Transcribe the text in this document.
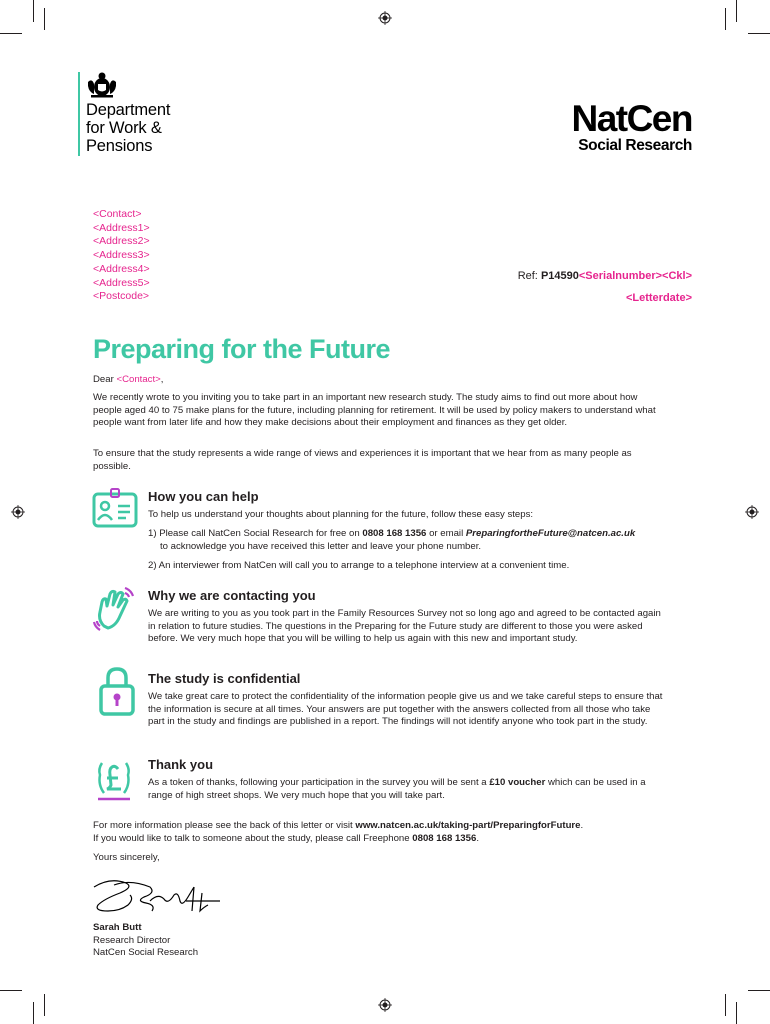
Department
for Work &
Pensions
NatCen
Social Research
<Contact>
<Address1>
<Address2>
<Address3>
<Address4>
<Address5>
<Postcode>
Ref: P14590<Serialnumber><Ckl>
<Letterdate>
Preparing for the Future
Dear <Contact>,
We recently wrote to you inviting you to take part in an important new research study. The study aims to find out more about how people aged 40 to 75 make plans for the future, including planning for retirement. It will be used by policy makers to understand what people want from later life and how they make decisions about their employment and finances as they get older.
To ensure that the study represents a wide range of views and experiences it is important that we hear from as many people as possible.
How you can help
To help us understand your thoughts about planning for the future, follow these easy steps:
1) Please call NatCen Social Research for free on 0808 168 1356 or email PreparingfortheFuture@natcen.ac.uk
to acknowledge you have received this letter and leave your phone number.
2) An interviewer from NatCen will call you to arrange to a telephone interview at a convenient time.
Why we are contacting you
We are writing to you as you took part in the Family Resources Survey not so long ago and agreed to be contacted again in relation to future studies. The questions in the Preparing for the Future study are different to those you were asked before. We very much hope that you will be willing to help us again with this new and important study.
The study is confidential
We take great care to protect the confidentiality of the information people give us and we take careful steps to ensure that the information is secure at all times. Your answers are put together with the answers collected from all those who take part in the study and findings are published in a report. The findings will not identify anyone who took part in the study.
Thank you
As a token of thanks, following your participation in the survey you will be sent a £10 voucher which can be used in a range of high street shops. We very much hope that you will take part.
For more information please see the back of this letter or visit www.natcen.ac.uk/taking-part/PreparingforFuture.
If you would like to talk to someone about the study, please call Freephone 0808 168 1356.
Yours sincerely,
Sarah Butt
Research Director
NatCen Social Research
